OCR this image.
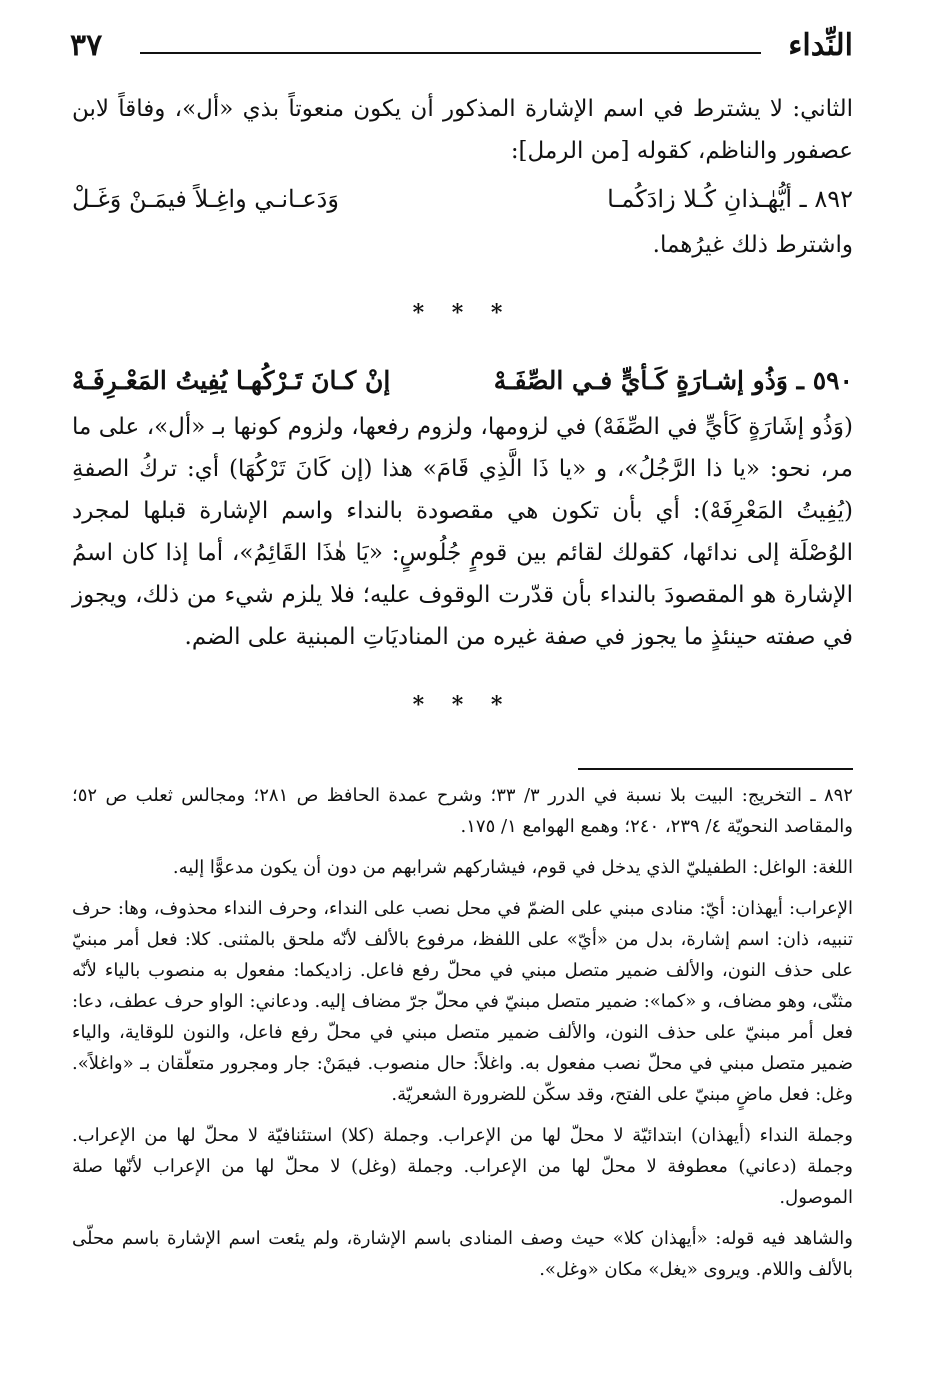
النِّداء
٣٧

الثاني: لا يشترط في اسم الإشارة المذكور أن يكون منعوتاً بذي «أل»، وفاقاً لابن عصفور والناظم، كقوله [من الرمل]:

٨٩٢ ـ أيُّهٰـذانِ كُـلا زادَكُمـا
وَدَعـانـي واغِـلاً فيمَـنْ وَغَـلْ

واشترط ذلك غيرُهما.

* * *
٥٩٠ ـ وَذُو إشـارَةٍ كَـأيٍّ فـي الصِّفَـهْ
إنْ كـانَ تَـرْكُهـا يُفِيتُ المَعْـرِفَـهْ

(وَذُو إشَارَةٍ كَأيٍّ في الصِّفَهْ) في لزومها، ولزوم رفعها، ولزوم كونها بـ «أل»، على ما مر، نحو: «يا ذا الرَّجُلُ»، و «يا ذَا الَّذِي قَامَ» هذا (إن كَانَ تَرْكُهَا) أي: تركُ الصفةِ (يُفِيتُ المَعْرِفَهْ): أي بأن تكون هي مقصودة بالنداء واسم الإشارة قبلها لمجرد الوُصْلَة إلى ندائها، كقولك لقائم بين قومٍ جُلُوسٍ: «يَا هٰذَا القَائِمُ»، أما إذا كان اسمُ الإشارة هو المقصودَ بالنداء بأن قدّرت الوقوف عليه؛ فلا يلزم شيء من ذلك، ويجوز في صفته حينئذٍ ما يجوز في صفة غيره من المناديَاتِ المبنية على الضم.

* * *

٨٩٢ ـ التخريج: البيت بلا نسبة في الدرر ٣/ ٣٣؛ وشرح عمدة الحافظ ص ٢٨١؛ ومجالس ثعلب ص ٥٢؛ والمقاصد النحويّة ٤/ ٢٣٩، ٢٤٠؛ وهمع الهوامع ١/ ١٧٥.

اللغة: الواغل: الطفيليّ الذي يدخل في قوم، فيشاركهم شرابهم من دون أن يكون مدعوًّا إليه.

الإعراب: أيهذان: أيّ: منادى مبني على الضمّ في محل نصب على النداء، وحرف النداء محذوف، وها: حرف تنبيه، ذان: اسم إشارة، بدل من «أيّ» على اللفظ، مرفوع بالألف لأنّه ملحق بالمثنى. كلا: فعل أمر مبنيّ على حذف النون، والألف ضمير متصل مبني في محلّ رفع فاعل. زاديكما: مفعول به منصوب بالياء لأنّه مثنّى، وهو مضاف، و «كما»: ضمير متصل مبنيّ في محلّ جرّ مضاف إليه. ودعاني: الواو حرف عطف، دعا: فعل أمر مبنيّ على حذف النون، والألف ضمير متصل مبني في محلّ رفع فاعل، والنون للوقاية، والياء ضمير متصل مبني في محلّ نصب مفعول به. واغلاً: حال منصوب. فيمَنْ: جار ومجرور متعلّقان بـ «واغلاً». وغل: فعل ماضٍ مبنيّ على الفتح، وقد سكّن للضرورة الشعريّة.

وجملة النداء (أيهذان) ابتدائيّة لا محلّ لها من الإعراب. وجملة (كلا) استئنافيّة لا محلّ لها من الإعراب. وجملة (دعاني) معطوفة لا محلّ لها من الإعراب. وجملة (وغل) لا محلّ لها من الإعراب لأنّها صلة الموصول.

والشاهد فيه قوله: «أيهذان كلا» حيث وصف المنادى باسم الإشارة، ولم يئعت اسم الإشارة باسم محلّى بالألف واللام. ويروى «يغل» مكان «وغل».
